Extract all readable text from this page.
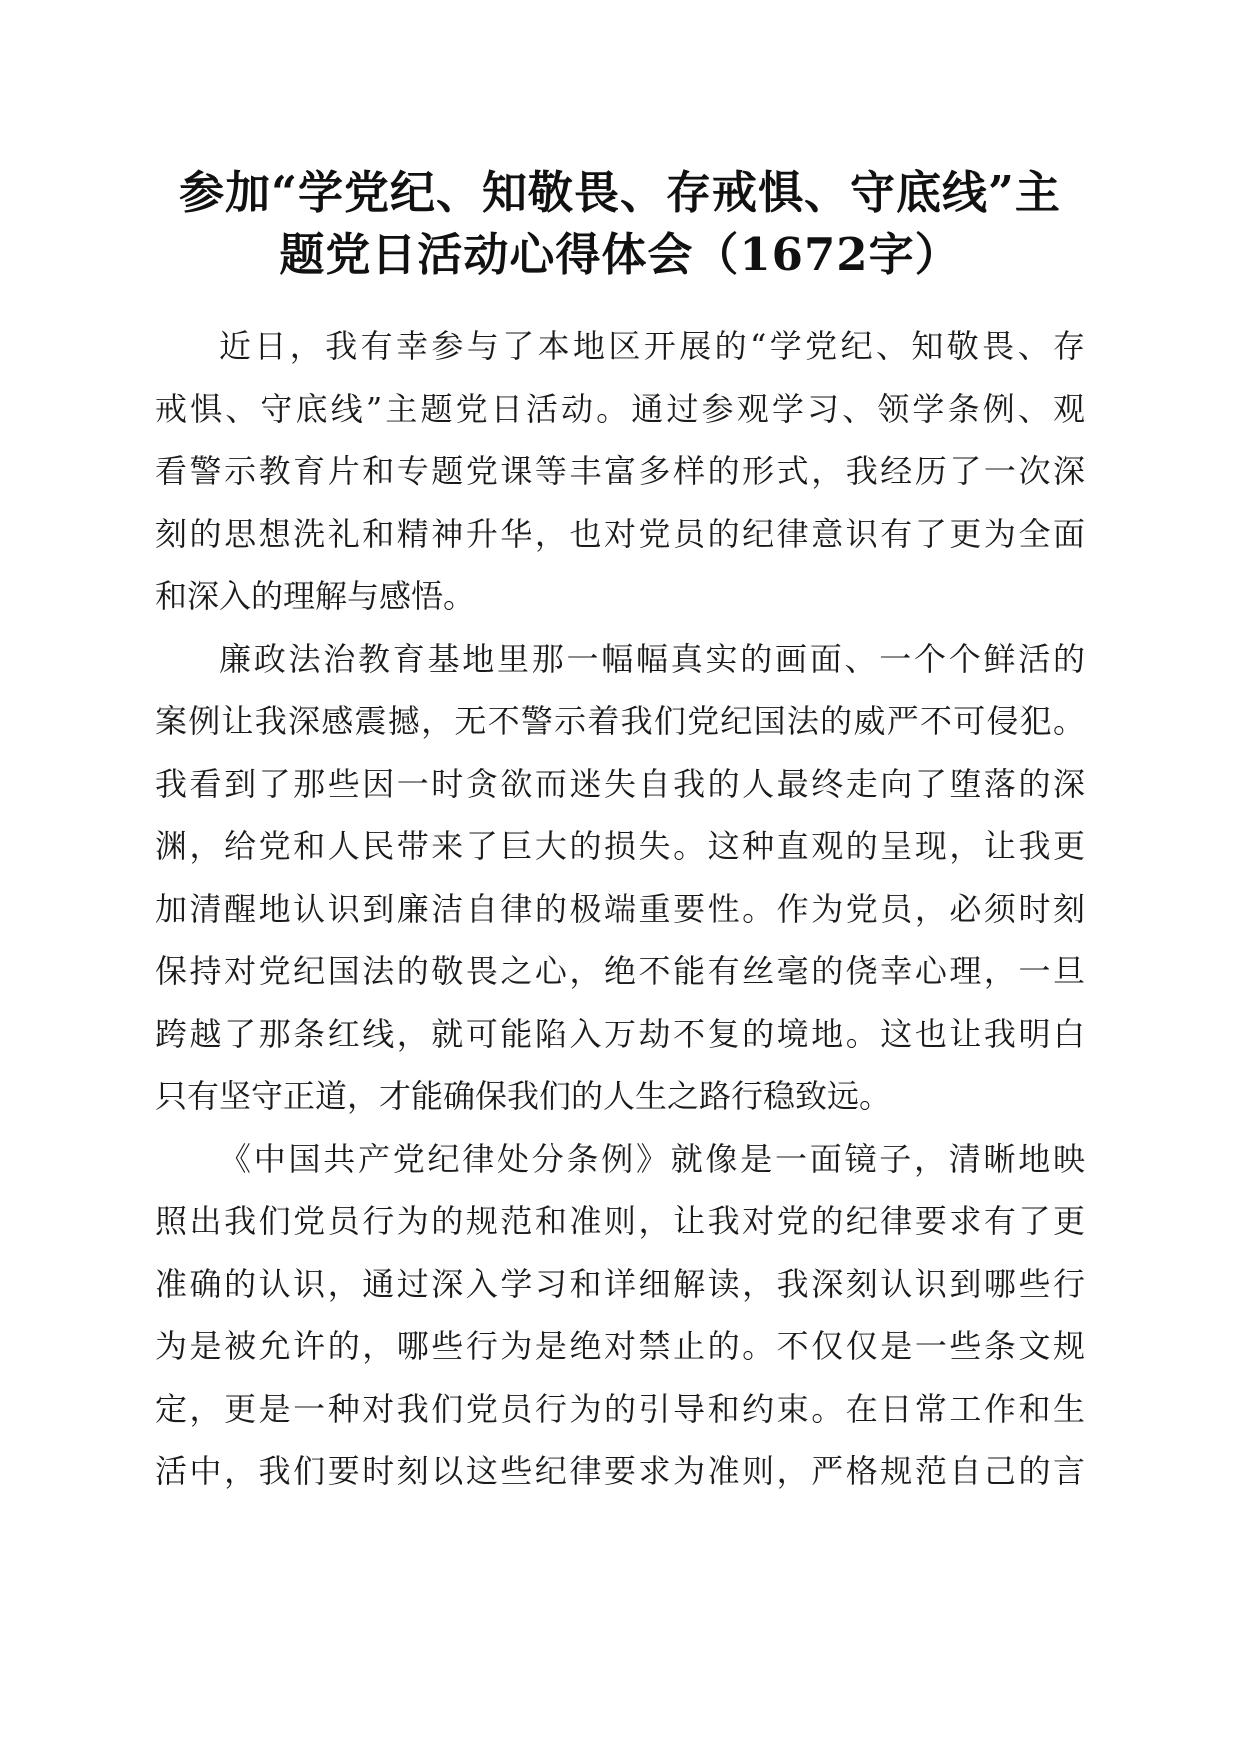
参加“学党纪、知敬畏、存戒惧、守底线”主
题党日活动心得体会（1672字）
近日，我有幸参与了本地区开展的“学党纪、知敬畏、存
戒惧、守底线”主题党日活动。通过参观学习、领学条例、观
看警示教育片和专题党课等丰富多样的形式，我经历了一次深
刻的思想洗礼和精神升华，也对党员的纪律意识有了更为全面
和深入的理解与感悟。
廉政法治教育基地里那一幅幅真实的画面、一个个鲜活的
案例让我深感震撼，无不警示着我们党纪国法的威严不可侵犯。
我看到了那些因一时贪欲而迷失自我的人最终走向了堕落的深
渊，给党和人民带来了巨大的损失。这种直观的呈现，让我更
加清醒地认识到廉洁自律的极端重要性。作为党员，必须时刻
保持对党纪国法的敬畏之心，绝不能有丝毫的侥幸心理，一旦
跨越了那条红线，就可能陷入万劫不复的境地。这也让我明白
只有坚守正道，才能确保我们的人生之路行稳致远。
《中国共产党纪律处分条例》就像是一面镜子，清晰地映
照出我们党员行为的规范和准则，让我对党的纪律要求有了更
准确的认识，通过深入学习和详细解读，我深刻认识到哪些行
为是被允许的，哪些行为是绝对禁止的。不仅仅是一些条文规
定，更是一种对我们党员行为的引导和约束。在日常工作和生
活中，我们要时刻以这些纪律要求为准则，严格规范自己的言
